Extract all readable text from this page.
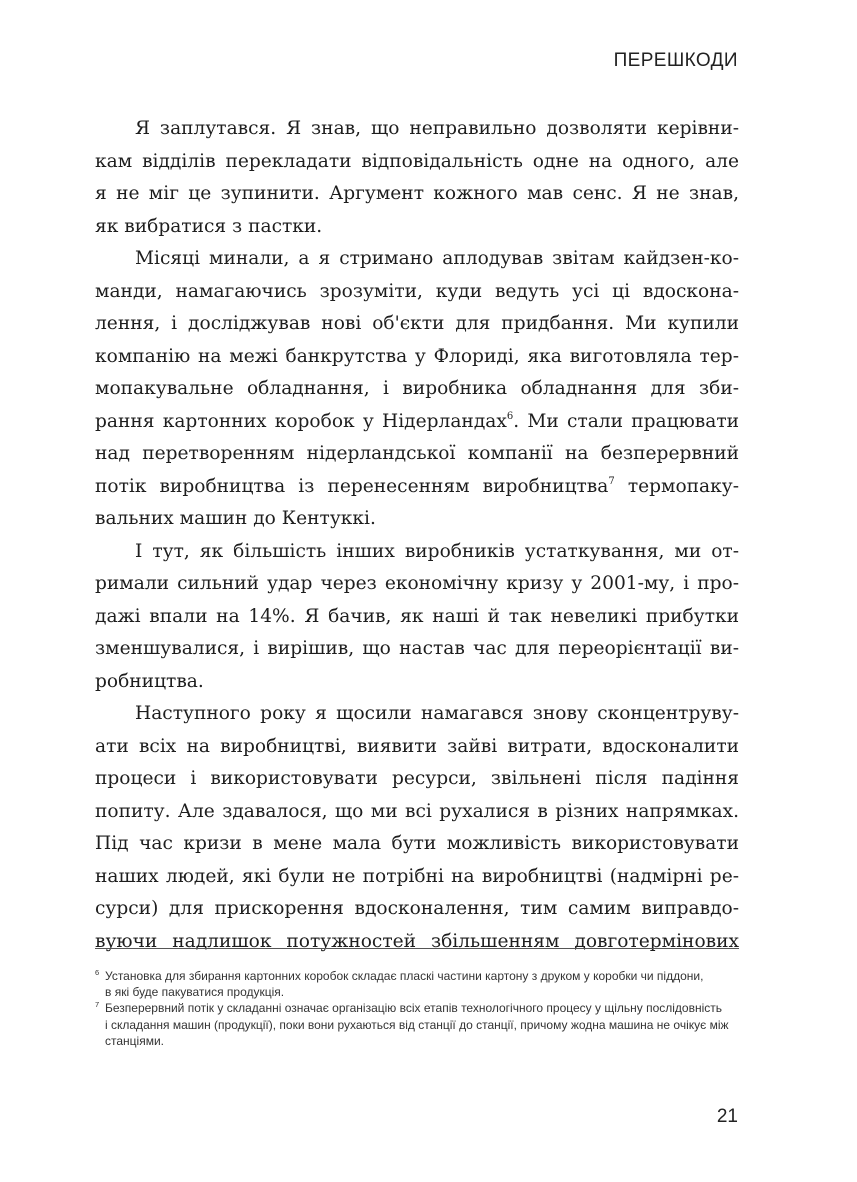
ПЕРЕШКОДИ
Я заплутався. Я знав, що неправильно дозволяти керівни-
кам відділів перекладати відповідальність одне на одного, але
я не міг це зупинити. Аргумент кожного мав сенс. Я не знав,
як вибратися з пастки.
Місяці минали, а я стримано аплодував звітам кайдзен-ко-
манди, намагаючись зрозуміти, куди ведуть усі ці вдоскона-
лення, і досліджував нові об'єкти для придбання. Ми купили
компанію на межі банкрутства у Флориді, яка виготовляла тер-
мопакувальне обладнання, і виробника обладнання для зби-
рання картонних коробок у Нідерландах$^6$. Ми стали працювати
над перетворенням нідерландської компанії на безперервний
потік виробництва із перенесенням виробництва$^7$ термопаку-
вальних машин до Кентуккі.
І тут, як більшість інших виробників устаткування, ми от-
римали сильний удар через економічну кризу у 2001-му, і про-
дажі впали на 14%. Я бачив, як наші й так невеликі прибутки
зменшувалися, і вирішив, що настав час для переорієнтації ви-
робництва.
Наступного року я щосили намагався знову сконцентруву-
ати всіх на виробництві, виявити зайві витрати, вдосконалити
процеси і використовувати ресурси, звільнені після падіння
попиту. Але здавалося, що ми всі рухалися в різних напрямках.
Під час кризи в мене мала бути можливість використовувати
наших людей, які були не потрібні на виробництві (надмірні ре-
сурси) для прискорення вдосконалення, тим самим виправдо-
вуючи надлишок потужностей збільшенням довготермінових
6 Установка для збирання картонних коробок складає пласкі частини картону з друком у коробки чи піддони,
в які буде пакуватися продукція.
7 Безперервний потік у складанні означає організацію всіх етапів технологічного процесу у щільну послідовність
і складання машин (продукції), поки вони рухаються від станції до станції, причому жодна машина не очікує між
станціями.
21
